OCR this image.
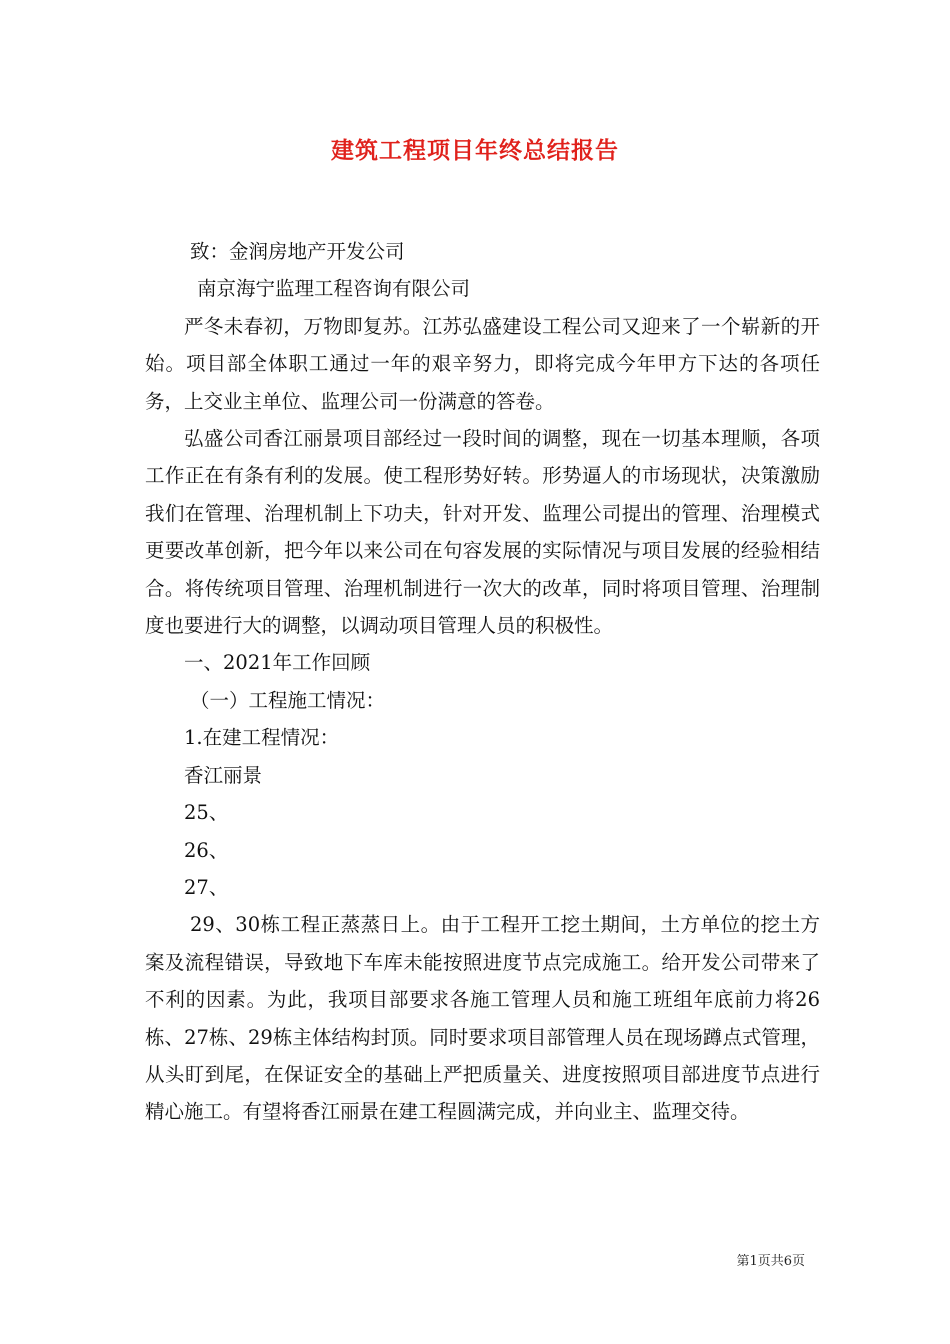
建筑工程项目年终总结报告

致：金润房地产开发公司

南京海宁监理工程咨询有限公司

严冬未春初，万物即复苏。江苏弘盛建设工程公司又迎来了一个崭新的开始。项目部全体职工通过一年的艰辛努力，即将完成今年甲方下达的各项任务，上交业主单位、监理公司一份满意的答卷。

弘盛公司香江丽景项目部经过一段时间的调整，现在一切基本理顺，各项工作正在有条有利的发展。使工程形势好转。形势逼人的市场现状，决策激励我们在管理、治理机制上下功夫，针对开发、监理公司提出的管理、治理模式更要改革创新，把今年以来公司在句容发展的实际情况与项目发展的经验相结合。将传统项目管理、治理机制进行一次大的改革，同时将项目管理、治理制度也要进行大的调整，以调动项目管理人员的积极性。

一、2021年工作回顾

（一）工程施工情况：

1.在建工程情况：

香江丽景

25、

26、

27、

29、30栋工程正蒸蒸日上。由于工程开工挖土期间，土方单位的挖土方案及流程错误，导致地下车库未能按照进度节点完成施工。给开发公司带来了不利的因素。为此，我项目部要求各施工管理人员和施工班组年底前力将26栋、27栋、29栋主体结构封顶。同时要求项目部管理人员在现场蹲点式管理，从头盯到尾，在保证安全的基础上严把质量关、进度按照项目部进度节点进行精心施工。有望将香江丽景在建工程圆满完成，并向业主、监理交待。

第1页共6页
